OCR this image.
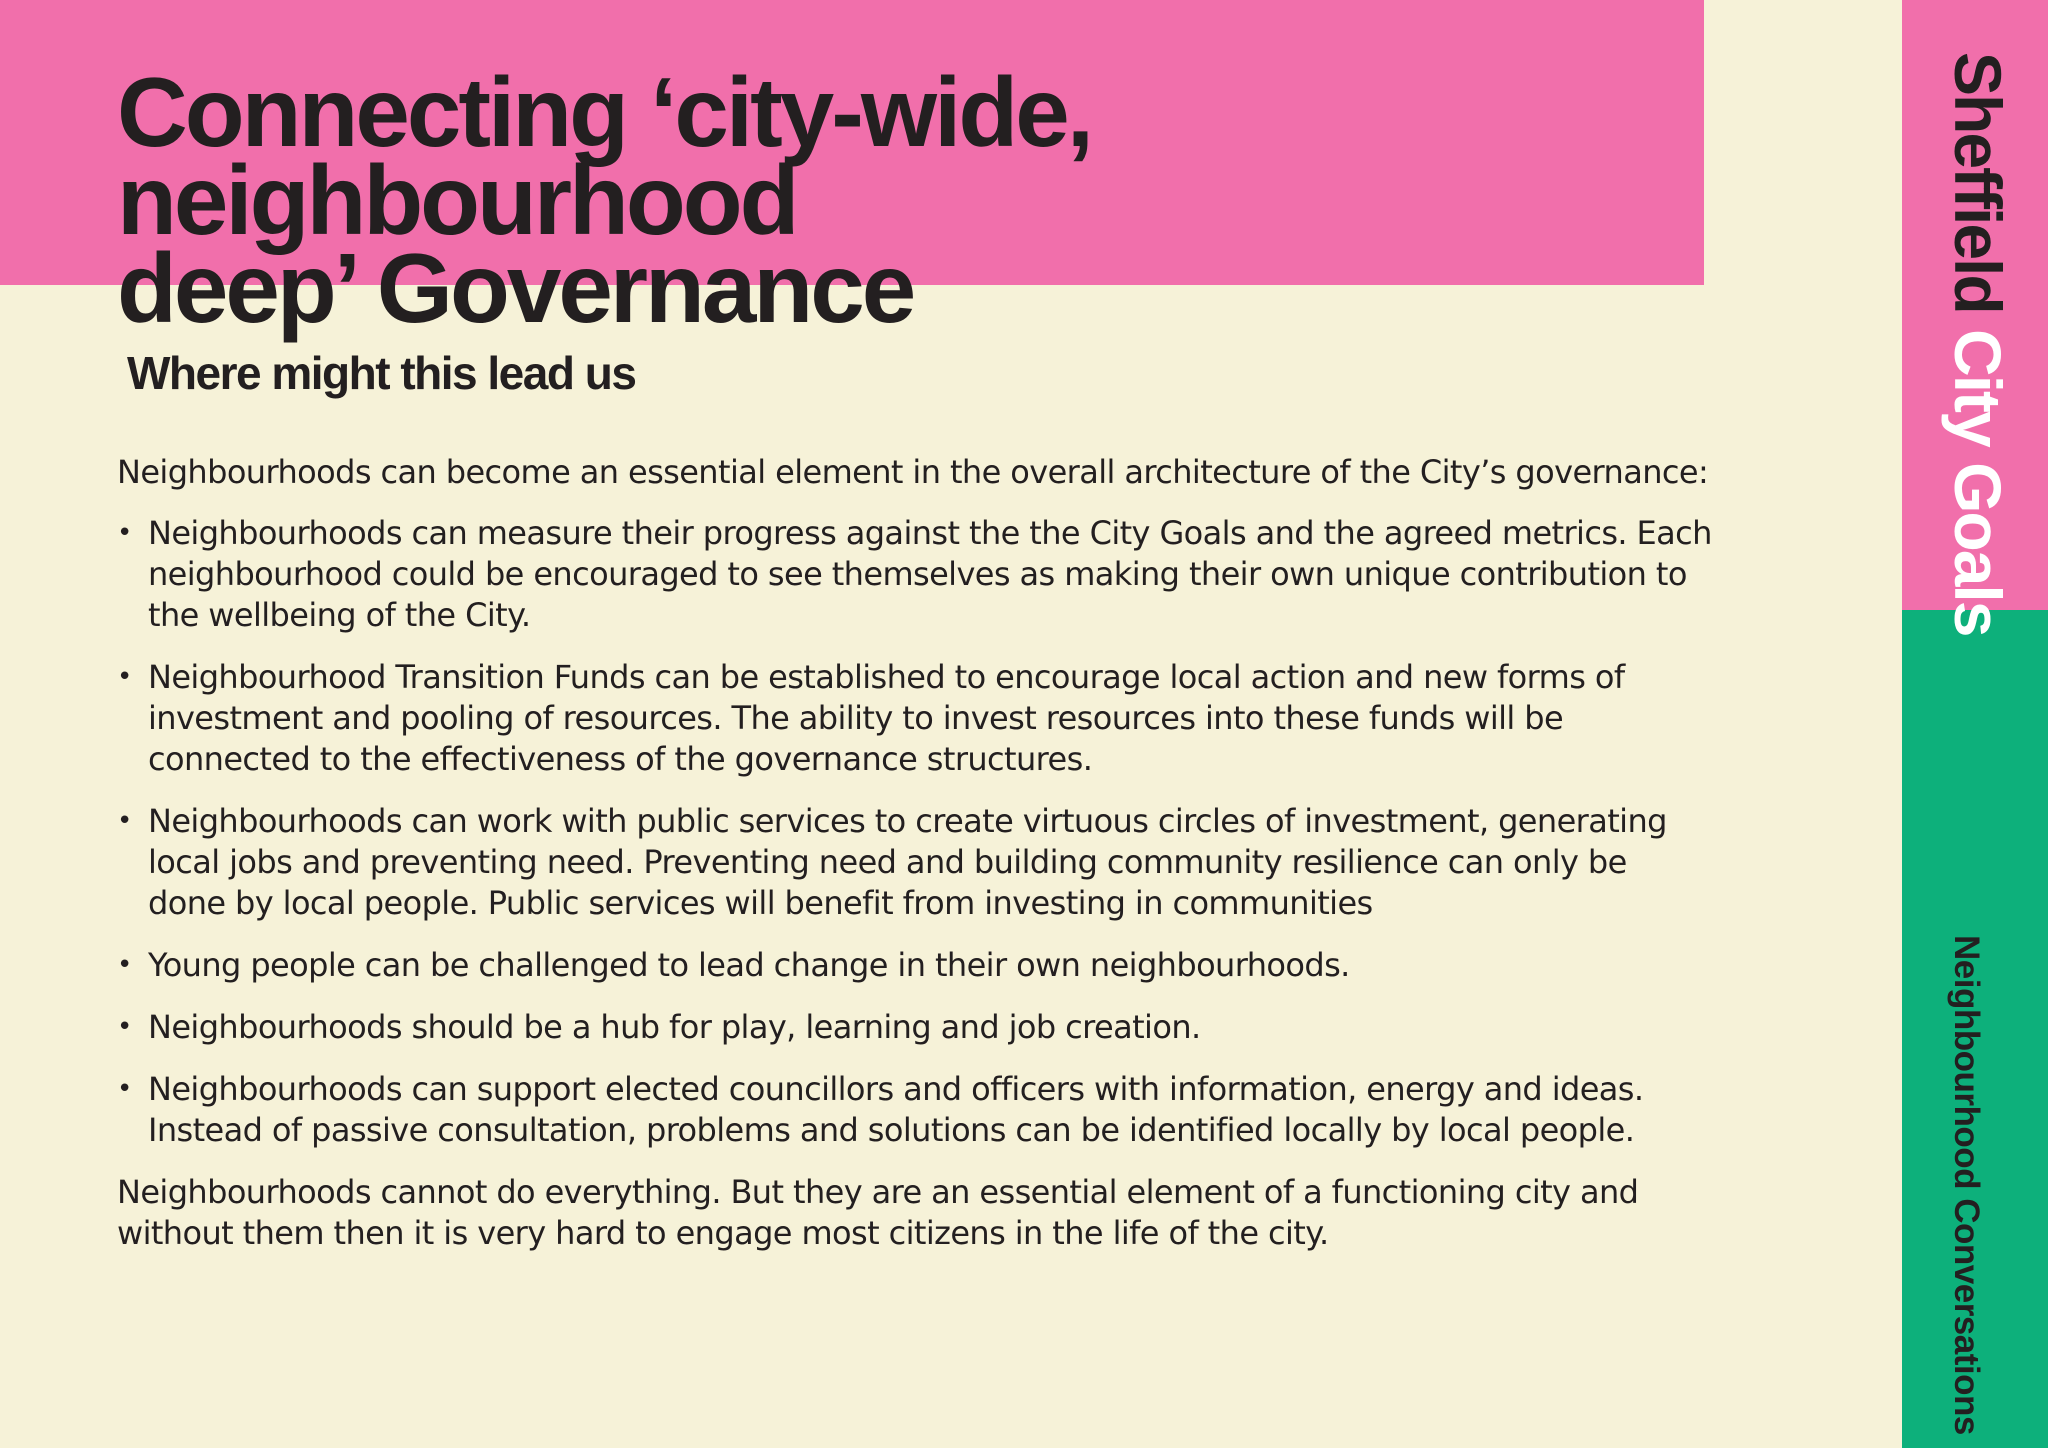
Connecting ‘city-wide, neighbourhood
deep’ Governance
Where might this lead us

Neighbourhoods can become an essential element in the overall architecture of the City’s governance:

• Neighbourhoods can measure their progress against the the City Goals and the agreed metrics. Each neighbourhood could be encouraged to see themselves as making their own unique contribution to the wellbeing of the City.
• Neighbourhood Transition Funds can be established to encourage local action and new forms of investment and pooling of resources. The ability to invest resources into these funds will be connected to the effectiveness of the governance structures.
• Neighbourhoods can work with public services to create virtuous circles of investment, generating local jobs and preventing need. Preventing need and building community resilience can only be done by local people. Public services will benefit from investing in communities
• Young people can be challenged to lead change in their own neighbourhoods.
• Neighbourhoods should be a hub for play, learning and job creation.
• Neighbourhoods can support elected councillors and officers with information, energy and ideas. Instead of passive consultation, problems and solutions can be identified locally by local people.

Neighbourhoods cannot do everything. But they are an essential element of a functioning city and without them then it is very hard to engage most citizens in the life of the city.

Sheffield City Goals
Neighbourhood Conversations
